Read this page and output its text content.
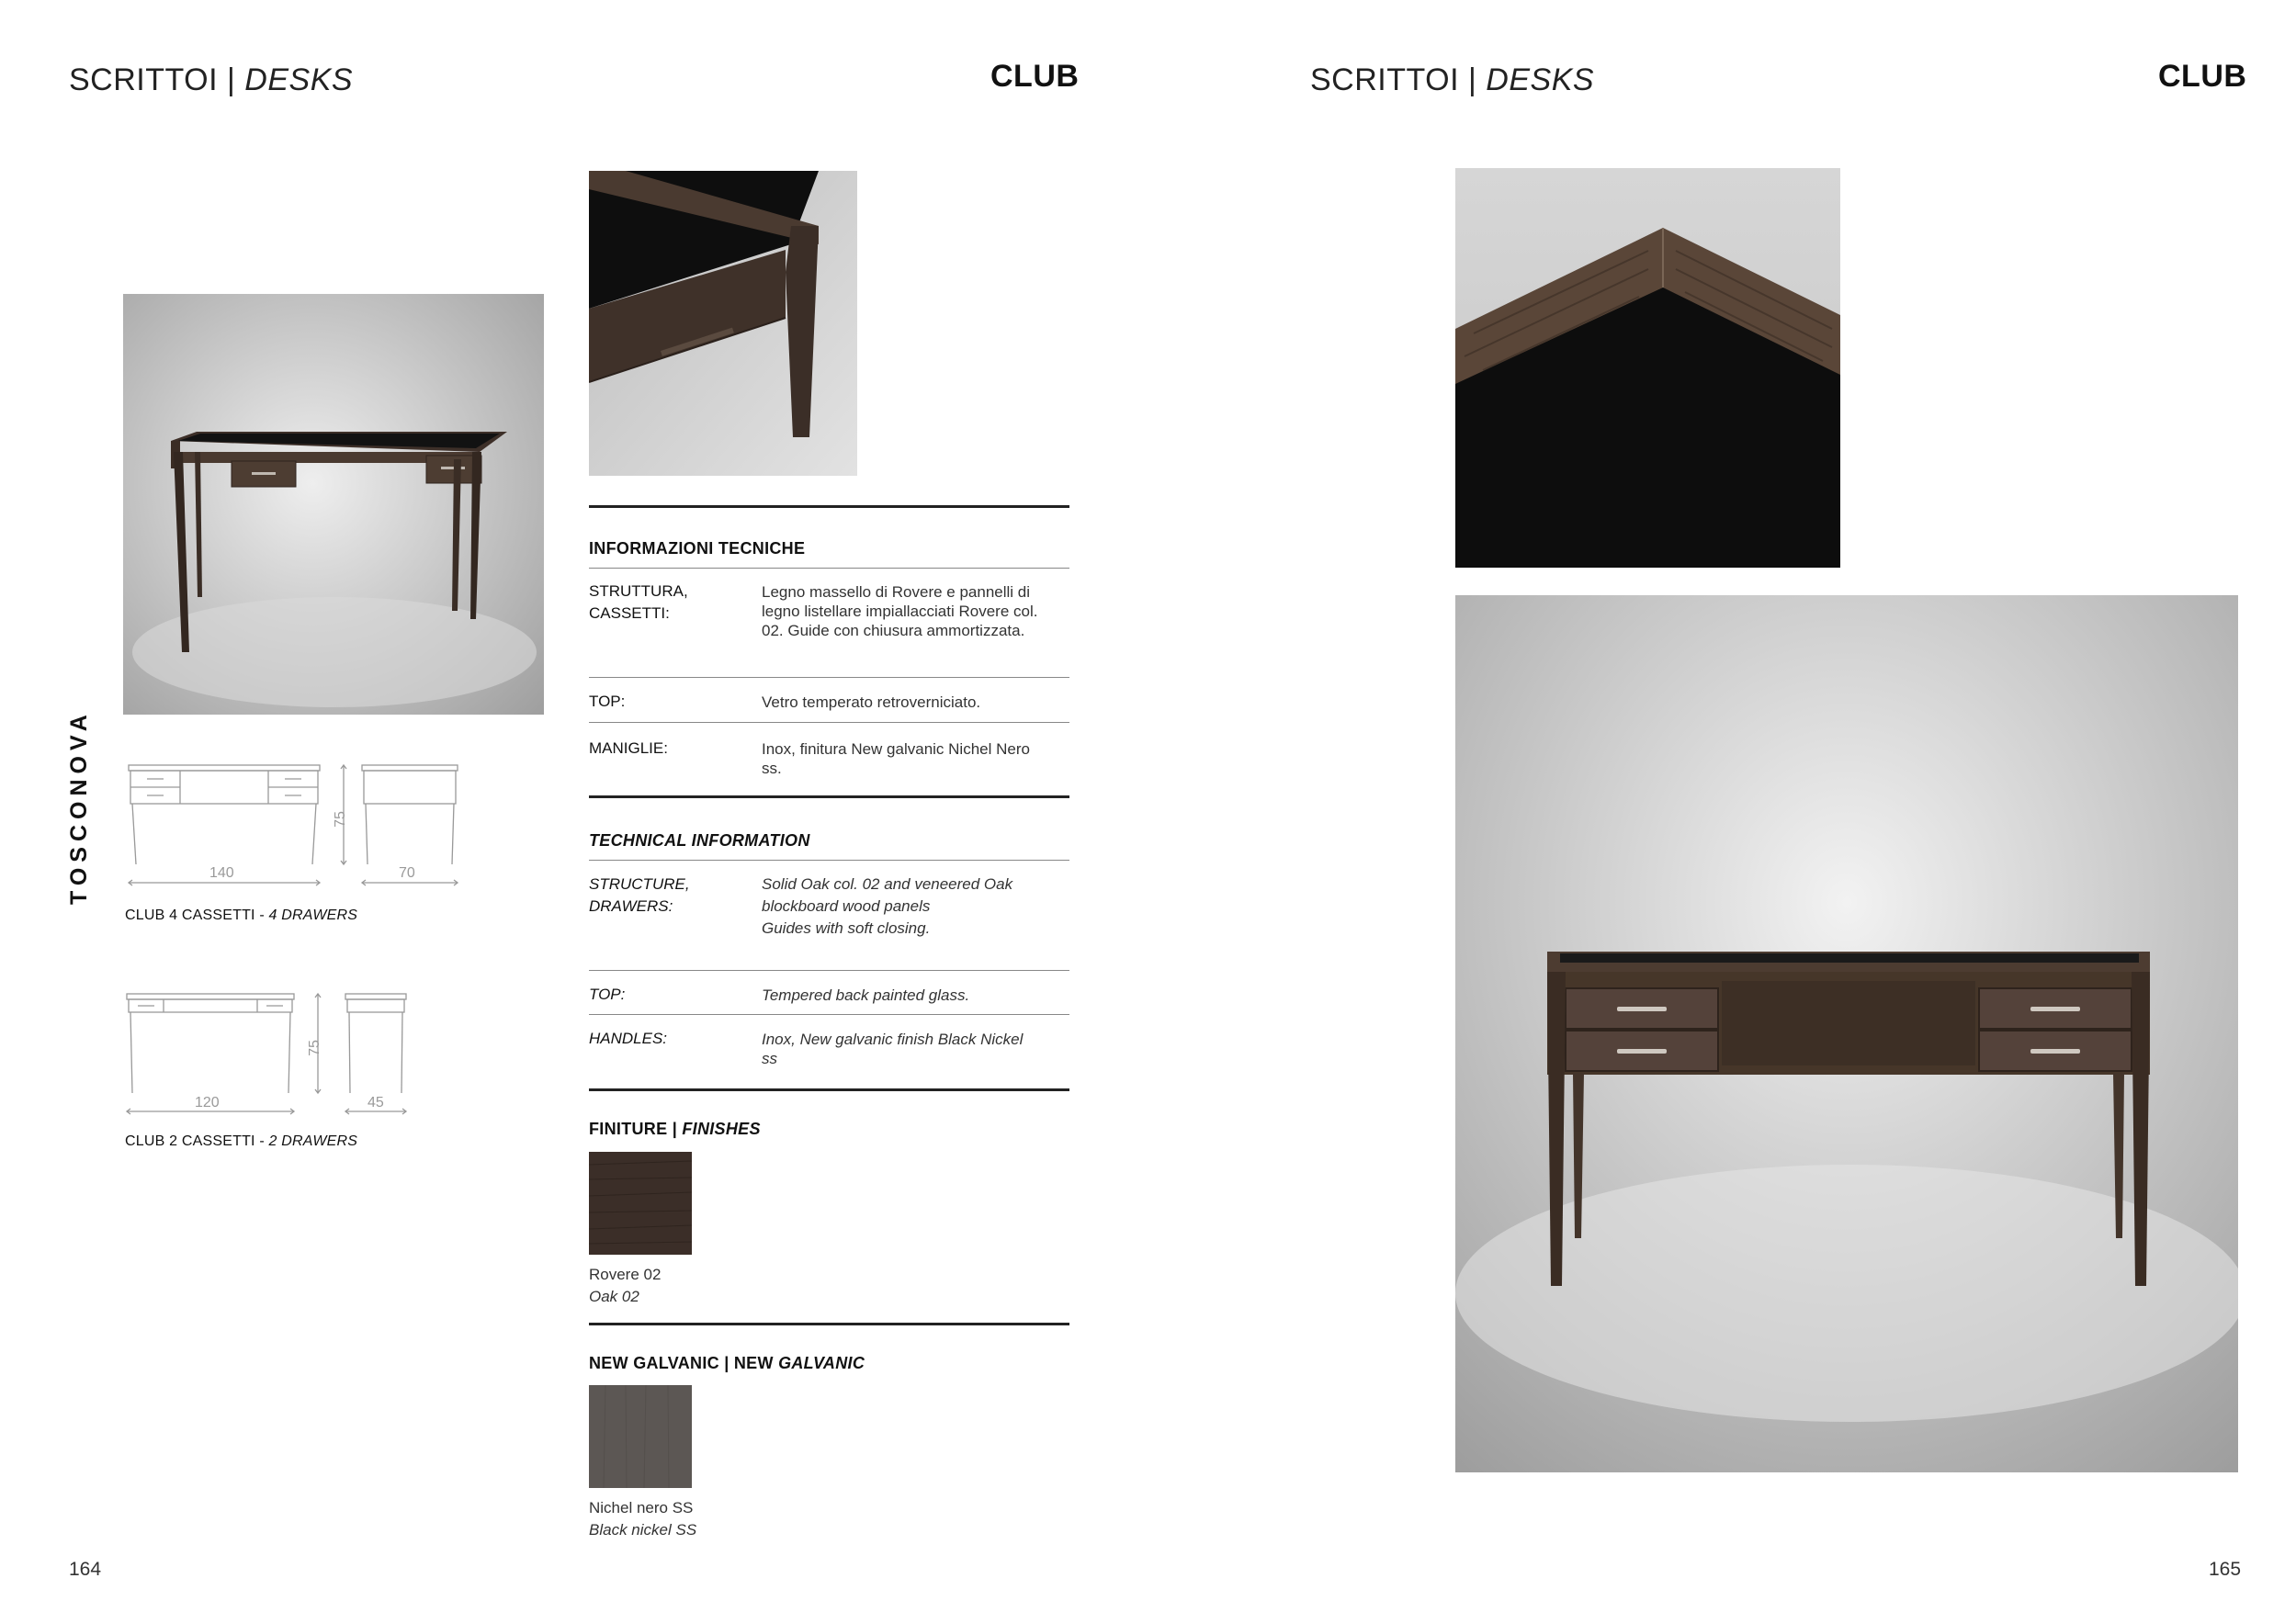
SCRITTOI | DESKS	CLUB
TOSCONOVA	140
75
70
CLUB 4 CASSETTI - 4 DRAWERS
120
75
45
CLUB 2 CASSETTI - 2 DRAWERS
INFORMAZIONI TECNICHE
STRUTTURA,
CASSETTI:
Legno massello di Rovere e pannelli di legno listellare impiallacciati Rovere col. 02. Guide con chiusura ammortizzata.
TOP:	Vetro temperato retroverniciato.
MANIGLIE:	Inox, finitura New galvanic Nichel Nero ss.
TECHNICAL INFORMATION
STRUCTURE,
DRAWERS:
Solid Oak col. 02 and veneered Oak blockboard wood panels
Guides with soft closing.
TOP:	Tempered back painted glass.
HANDLES:	Inox, New galvanic finish Black Nickel ss
FINITURE | FINISHES
Rovere 02
Oak 02
NEW GALVANIC | NEW GALVANIC
Nichel nero SS
Black nickel SS
164
SCRITTOI | DESKS	CLUB
165
